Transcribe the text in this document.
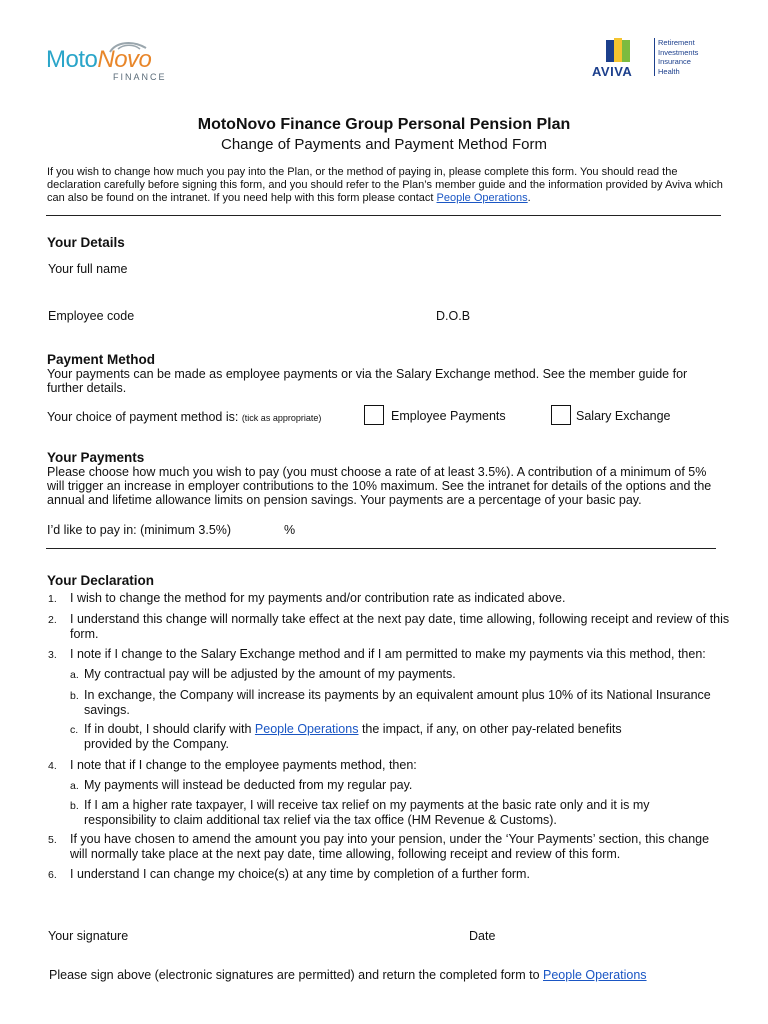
MotoNovo
FINANCE	AVIVA
Retirement
Investments
Insurance
Health
MotoNovo Finance Group Personal Pension Plan
Change of Payments and Payment Method Form
If you wish to change how much you pay into the Plan, or the method of paying in, please complete this form. You should read the declaration carefully before signing this form, and you should refer to the Plan’s member guide and the information provided by Aviva which can also be found on the intranet. If you need help with this form please contact People Operations.
Your Details
Your full name
Employee code	D.O.B
Payment Method
Your payments can be made as employee payments or via the Salary Exchange method. See the member guide for further details.
Your choice of payment method is: (tick as appropriate)	Employee Payments	Salary Exchange
Your Payments
Please choose how much you wish to pay (you must choose a rate of at least 3.5%). A contribution of a minimum of 5% will trigger an increase in employer contributions to the 10% maximum. See the intranet for details of the options and the annual and lifetime allowance limits on pension savings. Your payments are a percentage of your basic pay.
I’d like to pay in: (minimum 3.5%)	%
Your Declaration
1. I wish to change the method for my payments and/or contribution rate as indicated above.
2. I understand this change will normally take effect at the next pay date, time allowing, following receipt and review of this form.
3. I note if I change to the Salary Exchange method and if I am permitted to make my payments via this method, then:
a. My contractual pay will be adjusted by the amount of my payments.
b. In exchange, the Company will increase its payments by an equivalent amount plus 10% of its National Insurance savings.
c. If in doubt, I should clarify with People Operations the impact, if any, on other pay-related benefits
provided by the Company.
4. I note that if I change to the employee payments method, then:
a. My payments will instead be deducted from my regular pay.
b. If I am a higher rate taxpayer, I will receive tax relief on my payments at the basic rate only and it is my responsibility to claim additional tax relief via the tax office (HM Revenue & Customs).
5. If you have chosen to amend the amount you pay into your pension, under the ‘Your Payments’ section, this change will normally take place at the next pay date, time allowing, following receipt and review of this form.
6. I understand I can change my choice(s) at any time by completion of a further form.
Your signature	Date
Please sign above (electronic signatures are permitted) and return the completed form to People Operations
